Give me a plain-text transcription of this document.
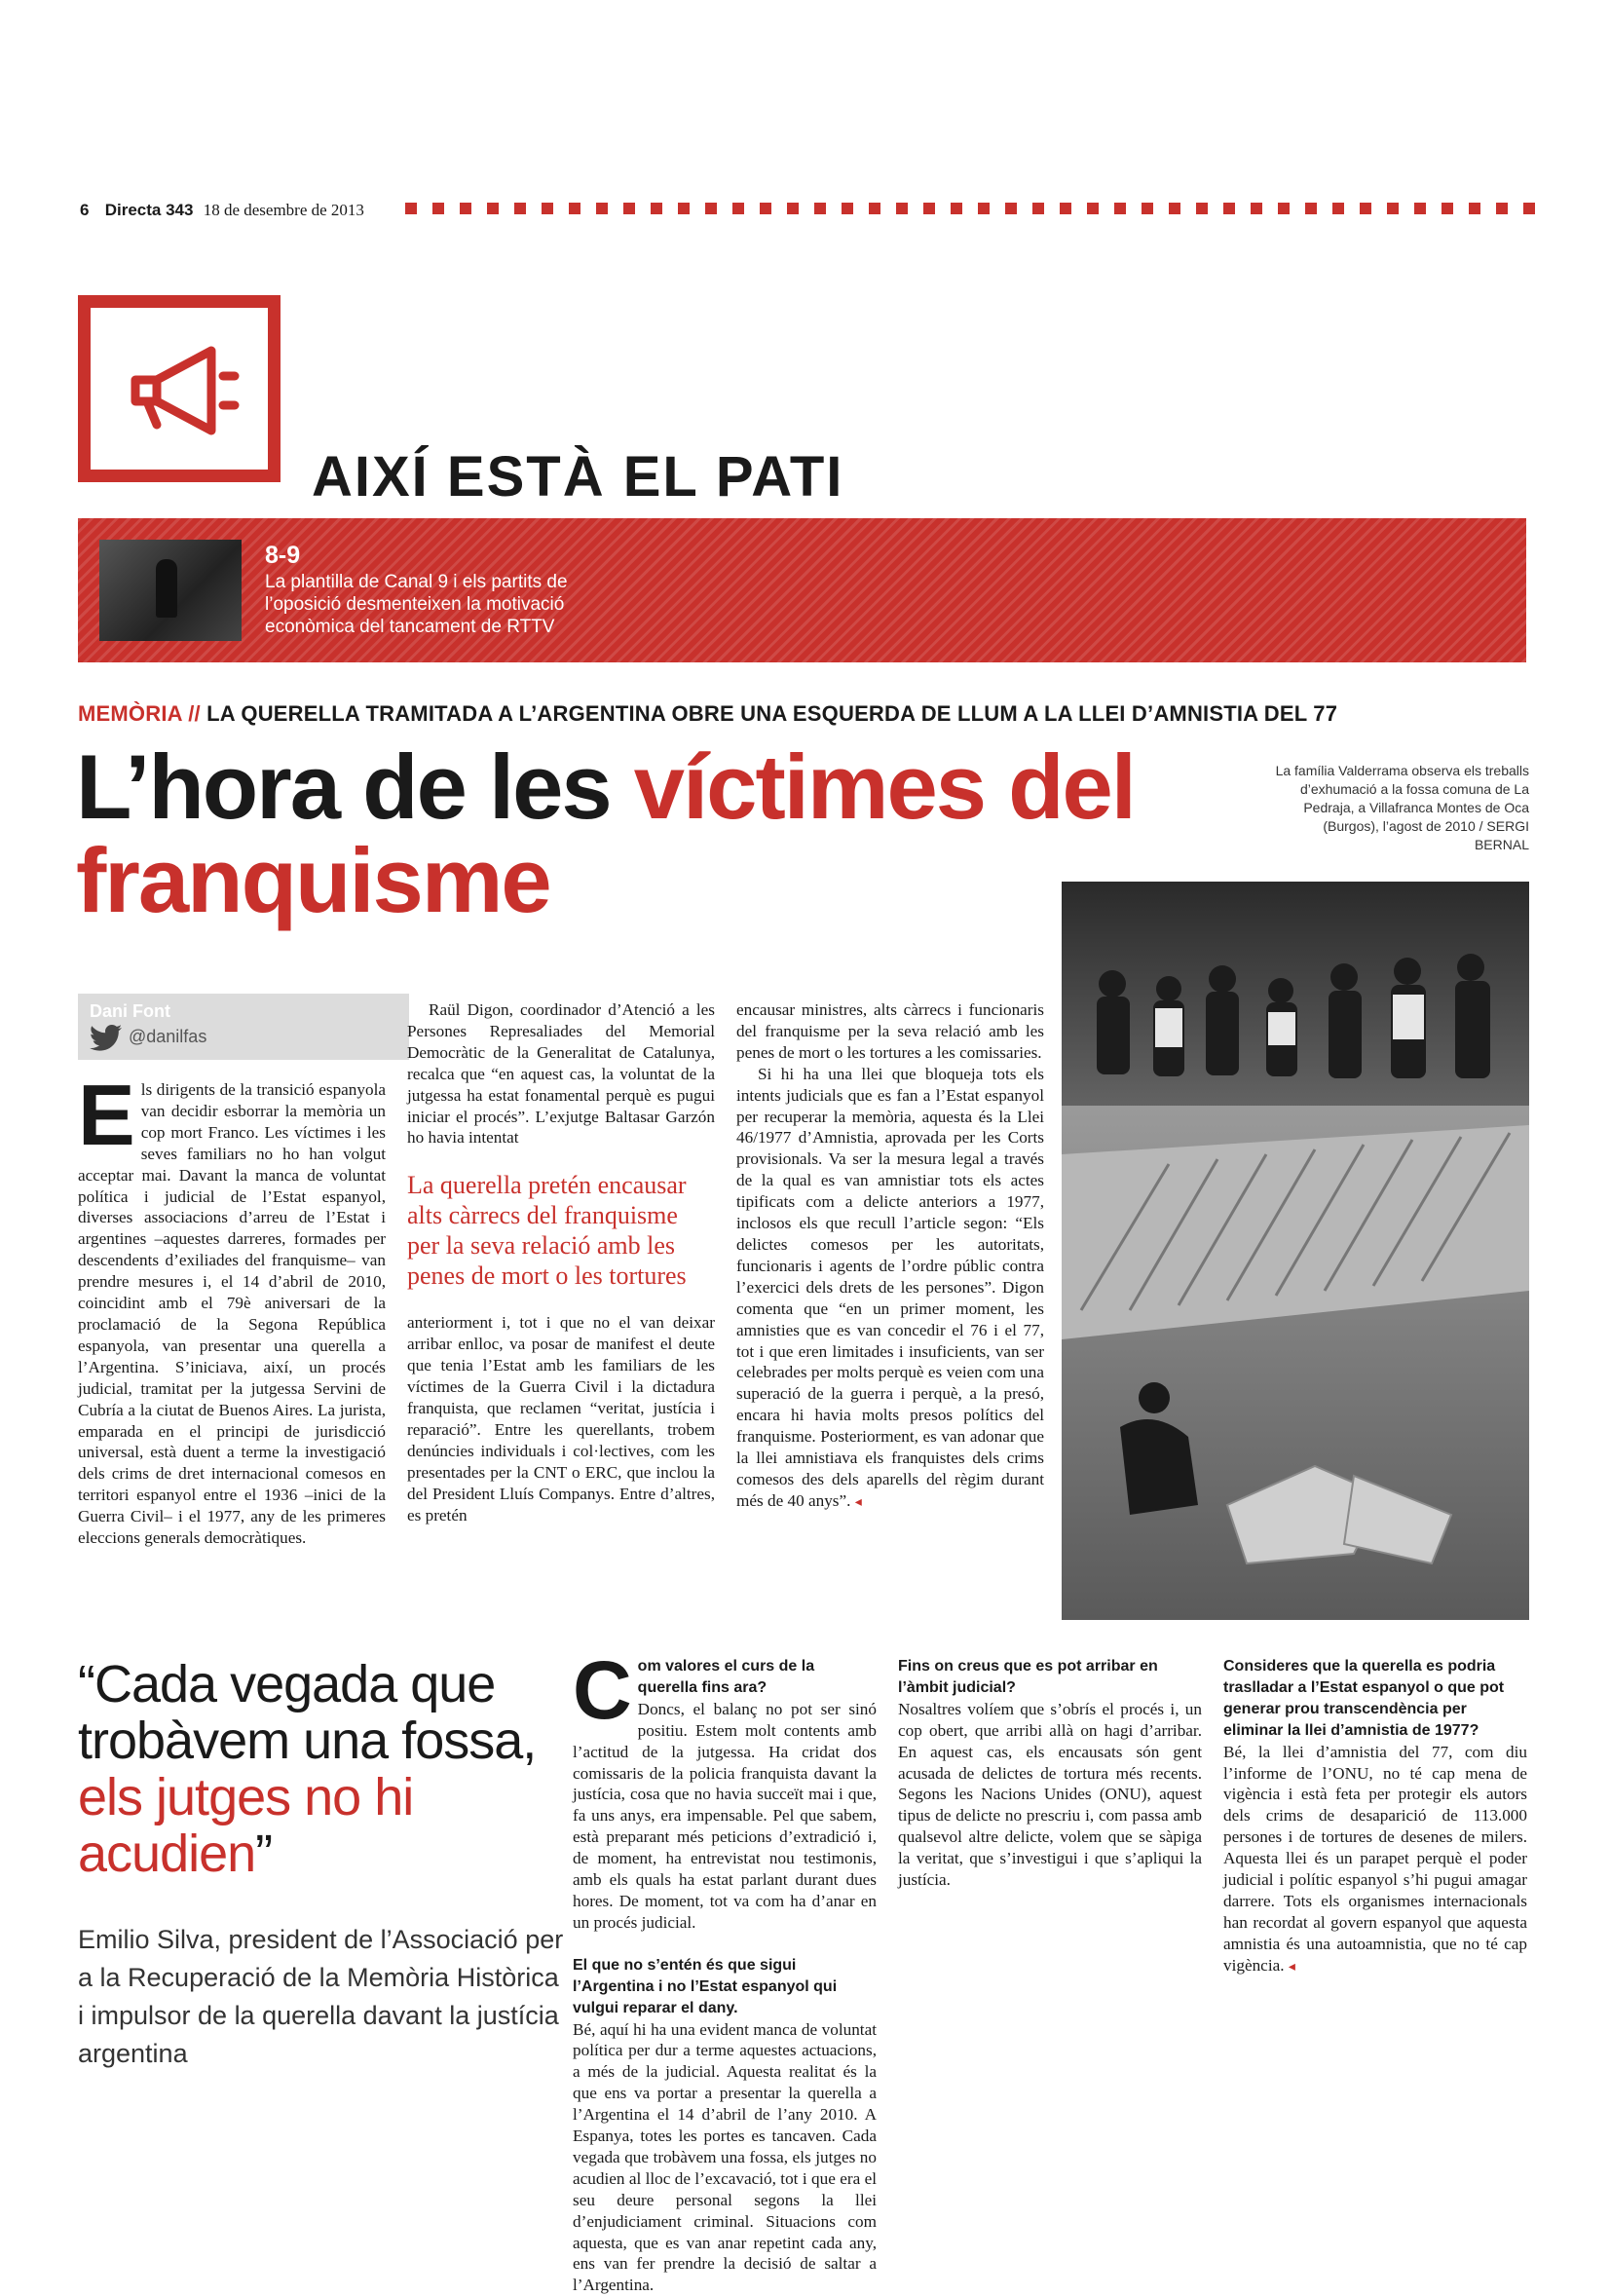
6 Directa 343 18 de desembre de 2013
AIXÍ ESTÀ EL PATI
8-9
La plantilla de Canal 9 i els partits de l’oposició desmenteixen la motivació econòmica del tancament de RTTV
MEMÒRIA // LA QUERELLA TRAMITADA A L’ARGENTINA OBRE UNA ESQUERDA DE LLUM A LA LLEI D’AMNISTIA DEL 77
L’hora de les víctimes del franquisme
La família Valderrama observa els treballs d’exhumació a la fossa comuna de La Pedraja, a Villafranca Montes de Oca (Burgos), l’agost de 2010 / SERGI BERNAL
Dani Font
@danilfas

Els dirigents de la transició espanyola van decidir esborrar la memòria un cop mort Franco. Les víctimes i les seves familiars no ho han volgut acceptar mai. Davant la manca de voluntat política i judicial de l’Estat espanyol, diverses associacions d’arreu de l’Estat i argentines –aquestes darreres, formades per descendents d’exiliades del franquisme– van prendre mesures i, el 14 d’abril de 2010, coincidint amb el 79è aniversari de la proclamació de la Segona República espanyola, van presentar una querella a l’Argentina. S’iniciava, així, un procés judicial, tramitat per la jutgessa Servini de Cubría a la ciutat de Buenos Aires. La jurista, emparada en el principi de jurisdicció universal, està duent a terme la investigació dels crims de dret internacional comesos en territori espanyol entre el 1936 –inici de la Guerra Civil– i el 1977, any de les primeres eleccions generals democràtiques.

Raül Digon, coordinador d’Atenció a les Persones Represaliades del Memorial Democràtic de la Generalitat de Catalunya, recalca que “en aquest cas, la voluntat de la jutgessa ha estat fonamental perquè es pugui iniciar el procés”. L’exjutge Baltasar Garzón ho havia intentat

La querella pretén encausar alts càrrecs del franquisme per la seva relació amb les penes de mort o les tortures

anteriorment i, tot i que no el van deixar arribar enlloc, va posar de manifest el deute que tenia l’Estat amb les familiars de les víctimes de la Guerra Civil i la dictadura franquista, que reclamen “veritat, justícia i reparació”. Entre les querellants, trobem denúncies individuals i col·lectives, com les presentades per la CNT o ERC, que inclou la del President Lluís Companys. Entre d’altres, es pretén

encausar ministres, alts càrrecs i funcionaris del franquisme per la seva relació amb les penes de mort o les tortures a les comissaries.

Si hi ha una llei que bloqueja tots els intents judicials que es fan a l’Estat espanyol per recuperar la memòria, aquesta és la Llei 46/1977 d’Amnistia, aprovada per les Corts provisionals. Va ser la mesura legal a través de la qual es van amnistiar tots els actes tipificats com a delicte anteriors a 1977, inclosos els que recull l’article segon: “Els delictes comesos per les autoritats, funcionaris i agents de l’ordre públic contra l’exercici dels drets de les persones”. Digon comenta que “en un primer moment, les amnisties que es van concedir el 76 i el 77, tot i que eren limitades i insuficients, van ser celebrades per molts perquè es veien com una superació de la guerra i perquè, a la presó, encara hi havia molts presos polítics del franquisme. Posteriorment, es van adonar que la llei amnistiava els franquistes dels crims comesos des dels aparells del règim durant més de 40 anys”. ◂

“Cada vegada que trobàvem una fossa, els jutges no hi acudien”
Emilio Silva, president de l’Associació per a la Recuperació de la Memòria Històrica i impulsor de la querella davant la justícia argentina

Com valores el curs de la querella fins ara?

Doncs, el balanç no pot ser sinó positiu. Estem molt contents amb l’actitud de la jutgessa. Ha cridat dos comissaris de la policia franquista davant la justícia, cosa que no havia succeït mai i que, fa uns anys, era impensable. Pel que sabem, està preparant més peticions d’extradició i, de moment, ha entrevistat nou testimonis, amb els quals ha estat parlant durant dues hores. De moment, tot va com ha d’anar en un procés judicial.

El que no s’entén és que sigui l’Argentina i no l’Estat espanyol qui vulgui reparar el dany.

Bé, aquí hi ha una evident manca de voluntat política per dur a terme aquestes actuacions, a més de la judicial. Aquesta realitat és la que ens va portar a presentar la querella a l’Argentina el 14 d’abril de l’any 2010. A Espanya, totes les portes es tancaven. Cada vegada que trobàvem una fossa, els jutges no acudien al lloc de l’excavació, tot i que era el seu deure personal segons la llei d’enjudiciament criminal. Situacions com aquesta, que es van anar repetint cada any, ens van fer prendre la decisió de saltar a l’Argentina.

Fins on creus que es pot arribar en l’àmbit judicial?

Nosaltres volíem que s’obrís el procés i, un cop obert, que arribi allà on hagi d’arribar. En aquest cas, els encausats són gent acusada de delictes de tortura més recents. Segons les Nacions Unides (ONU), aquest tipus de delicte no prescriu i, com passa amb qualsevol altre delicte, volem que se sàpiga la veritat, que s’investigui i que s’apliqui la justícia.

Consideres que la querella es podria traslladar a l’Estat espanyol o que pot generar prou transcendència per eliminar la llei d’amnistia de 1977?

Bé, la llei d’amnistia del 77, com diu l’informe de l’ONU, no té cap mena de vigència i està feta per protegir els autors dels crims de desaparició de 113.000 persones i de tortures de desenes de milers. Aquesta llei és un parapet perquè el poder judicial i polític espanyol s’hi pugui amagar darrere. Tots els organismes internacionals han recordat al govern espanyol que aquesta amnistia és una autoamnistia, que no té cap vigència. ◂
